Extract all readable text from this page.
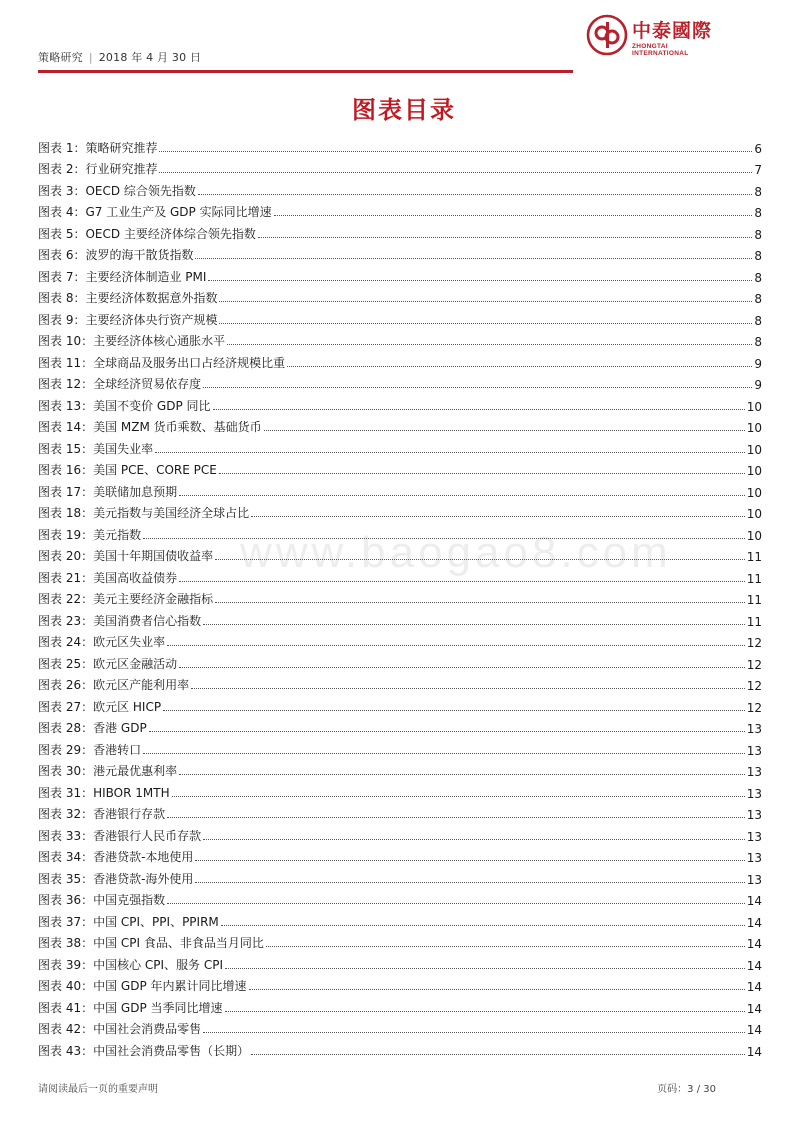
策略研究 | 2018 年 4 月 30 日
中泰國際
ZHONGTAI INTERNATIONAL
www.baogao8.com
图表目录
图表 1：策略研究推荐	6
图表 2：行业研究推荐	7
图表 3：OECD 综合领先指数	8
图表 4：G7 工业生产及 GDP 实际同比增速	8
图表 5：OECD 主要经济体综合领先指数	8
图表 6：波罗的海干散货指数	8
图表 7：主要经济体制造业 PMI	8
图表 8：主要经济体数据意外指数	8
图表 9：主要经济体央行资产规模	8
图表 10：主要经济体核心通胀水平	8
图表 11：全球商品及服务出口占经济规模比重	9
图表 12：全球经济贸易依存度	9
图表 13：美国不变价 GDP 同比	10
图表 14：美国 MZM 货币乘数、基础货币	10
图表 15：美国失业率	10
图表 16：美国 PCE、CORE PCE	10
图表 17：美联储加息预期	10
图表 18：美元指数与美国经济全球占比	10
图表 19：美元指数	10
图表 20：美国十年期国债收益率	11
图表 21：美国高收益债券	11
图表 22：美元主要经济金融指标	11
图表 23：美国消费者信心指数	11
图表 24：欧元区失业率	12
图表 25：欧元区金融活动	12
图表 26：欧元区产能利用率	12
图表 27：欧元区 HICP	12
图表 28：香港 GDP	13
图表 29：香港转口	13
图表 30：港元最优惠利率	13
图表 31：HIBOR 1MTH	13
图表 32：香港银行存款	13
图表 33：香港银行人民币存款	13
图表 34：香港贷款-本地使用	13
图表 35：香港贷款-海外使用	13
图表 36：中国克强指数	14
图表 37：中国 CPI、PPI、PPIRM	14
图表 38：中国 CPI 食品、非食品当月同比	14
图表 39：中国核心 CPI、服务 CPI	14
图表 40：中国 GDP 年内累计同比增速	14
图表 41：中国 GDP 当季同比增速	14
图表 42：中国社会消费品零售	14
图表 43：中国社会消费品零售（长期）	14
请阅读最后一页的重要声明	页码：3 / 30
